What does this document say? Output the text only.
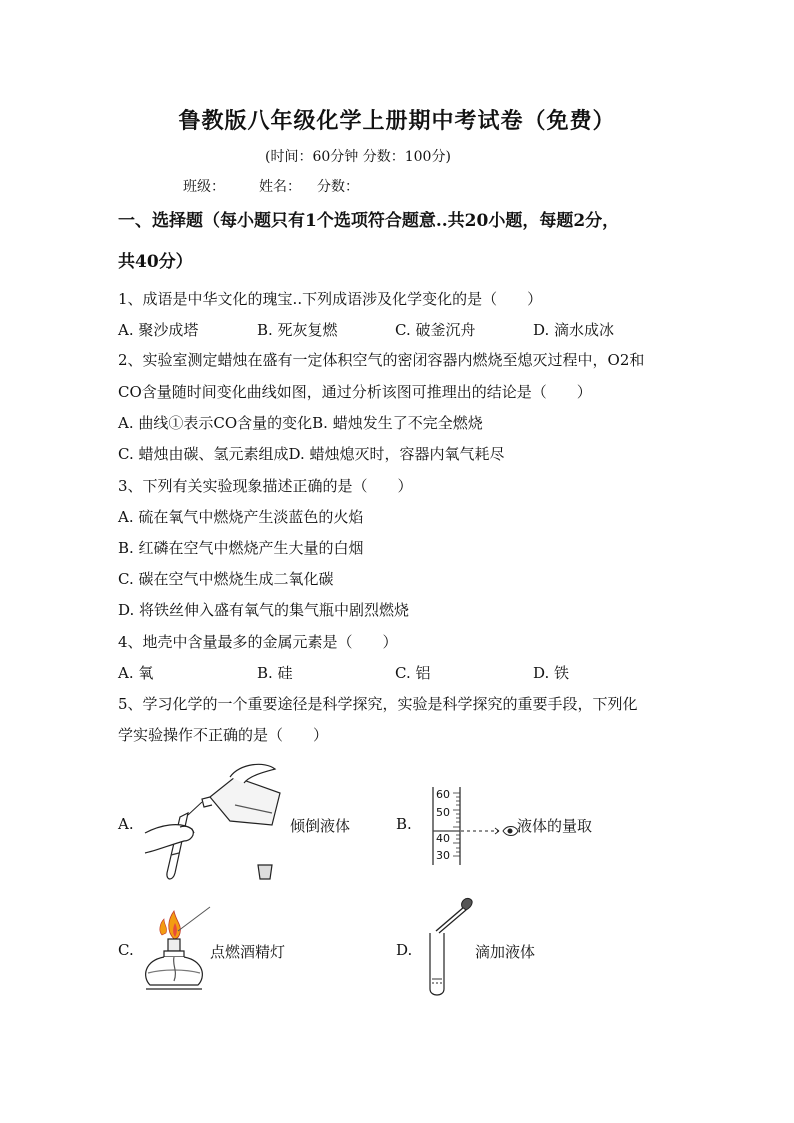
鲁教版八年级化学上册期中考试卷（免费）
(时间：60分钟 分数：100分)
班级： 姓名： 分数：
一、选择题（每小题只有1个选项符合题意..共20小题，每题2分，
共40分）
1、成语是中华文化的瑰宝..下列成语涉及化学变化的是（　　）
A. 聚沙成塔	B. 死灰复燃	C. 破釜沉舟	D. 滴水成冰
2、实验室测定蜡烛在盛有一定体积空气的密闭容器内燃烧至熄灭过程中，O2和
CO含量随时间变化曲线如图，通过分析该图可推理出的结论是（　　）
A. 曲线①表示CO含量的变化B. 蜡烛发生了不完全燃烧
C. 蜡烛由碳、氢元素组成D. 蜡烛熄灭时，容器内氧气耗尽
3、下列有关实验现象描述正确的是（　　）
A. 硫在氧气中燃烧产生淡蓝色的火焰
B. 红磷在空气中燃烧产生大量的白烟
C. 碳在空气中燃烧生成二氧化碳
D. 将铁丝伸入盛有氧气的集气瓶中剧烈燃烧
4、地壳中含量最多的金属元素是（　　）
A. 氧	B. 硅	C. 铝	D. 铁
5、学习化学的一个重要途径是科学探究，实验是科学探究的重要手段，下列化
学实验操作不正确的是（　　）
A.	倾倒液体	B.
60
50
40
30
液体的量取
C.	点燃酒精灯	D.	滴加液体
